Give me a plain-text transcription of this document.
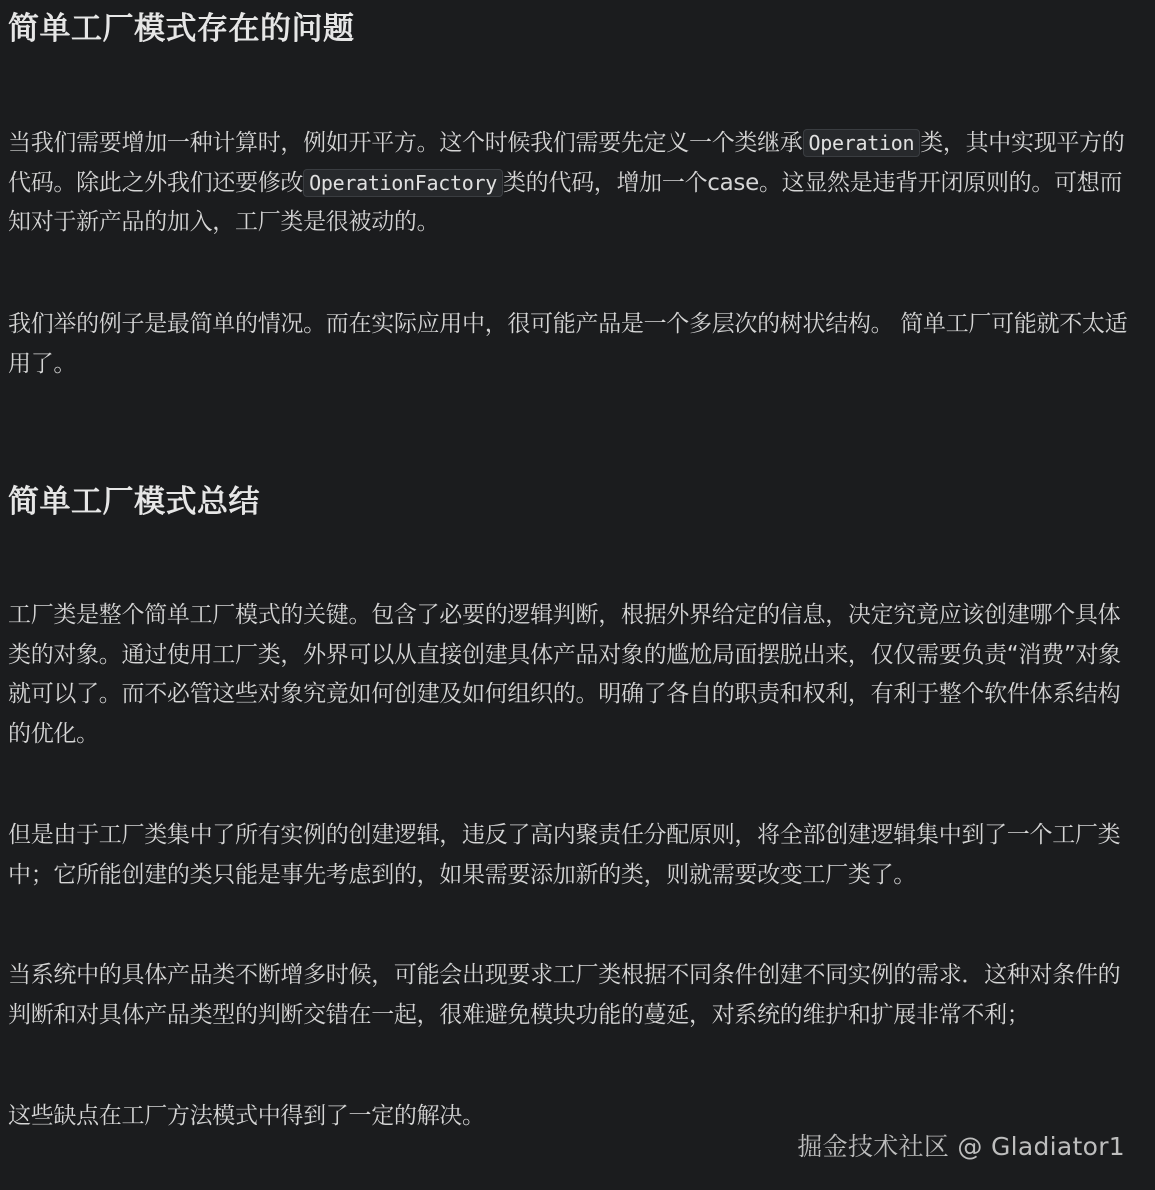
简单工厂模式存在的问题

当我们需要增加一种计算时，例如开平方。这个时候我们需要先定义一个类继承 Operation 类，其中实现平方的代码。除此之外我们还要修改 OperationFactory 类的代码，增加一个case。这显然是违背开闭原则的。可想而知对于新产品的加入，工厂类是很被动的。

我们举的例子是最简单的情况。而在实际应用中，很可能产品是一个多层次的树状结构。 简单工厂可能就不太适用了。

简单工厂模式总结

工厂类是整个简单工厂模式的关键。包含了必要的逻辑判断，根据外界给定的信息，决定究竟应该创建哪个具体类的对象。通过使用工厂类，外界可以从直接创建具体产品对象的尴尬局面摆脱出来，仅仅需要负责“消费”对象就可以了。而不必管这些对象究竟如何创建及如何组织的。明确了各自的职责和权利，有利于整个软件体系结构的优化。

但是由于工厂类集中了所有实例的创建逻辑，违反了高内聚责任分配原则，将全部创建逻辑集中到了一个工厂类中；它所能创建的类只能是事先考虑到的，如果需要添加新的类，则就需要改变工厂类了。

当系统中的具体产品类不断增多时候，可能会出现要求工厂类根据不同条件创建不同实例的需求．这种对条件的判断和对具体产品类型的判断交错在一起，很难避免模块功能的蔓延，对系统的维护和扩展非常不利；

这些缺点在工厂方法模式中得到了一定的解决。

掘金技术社区 @ Gladiator1
